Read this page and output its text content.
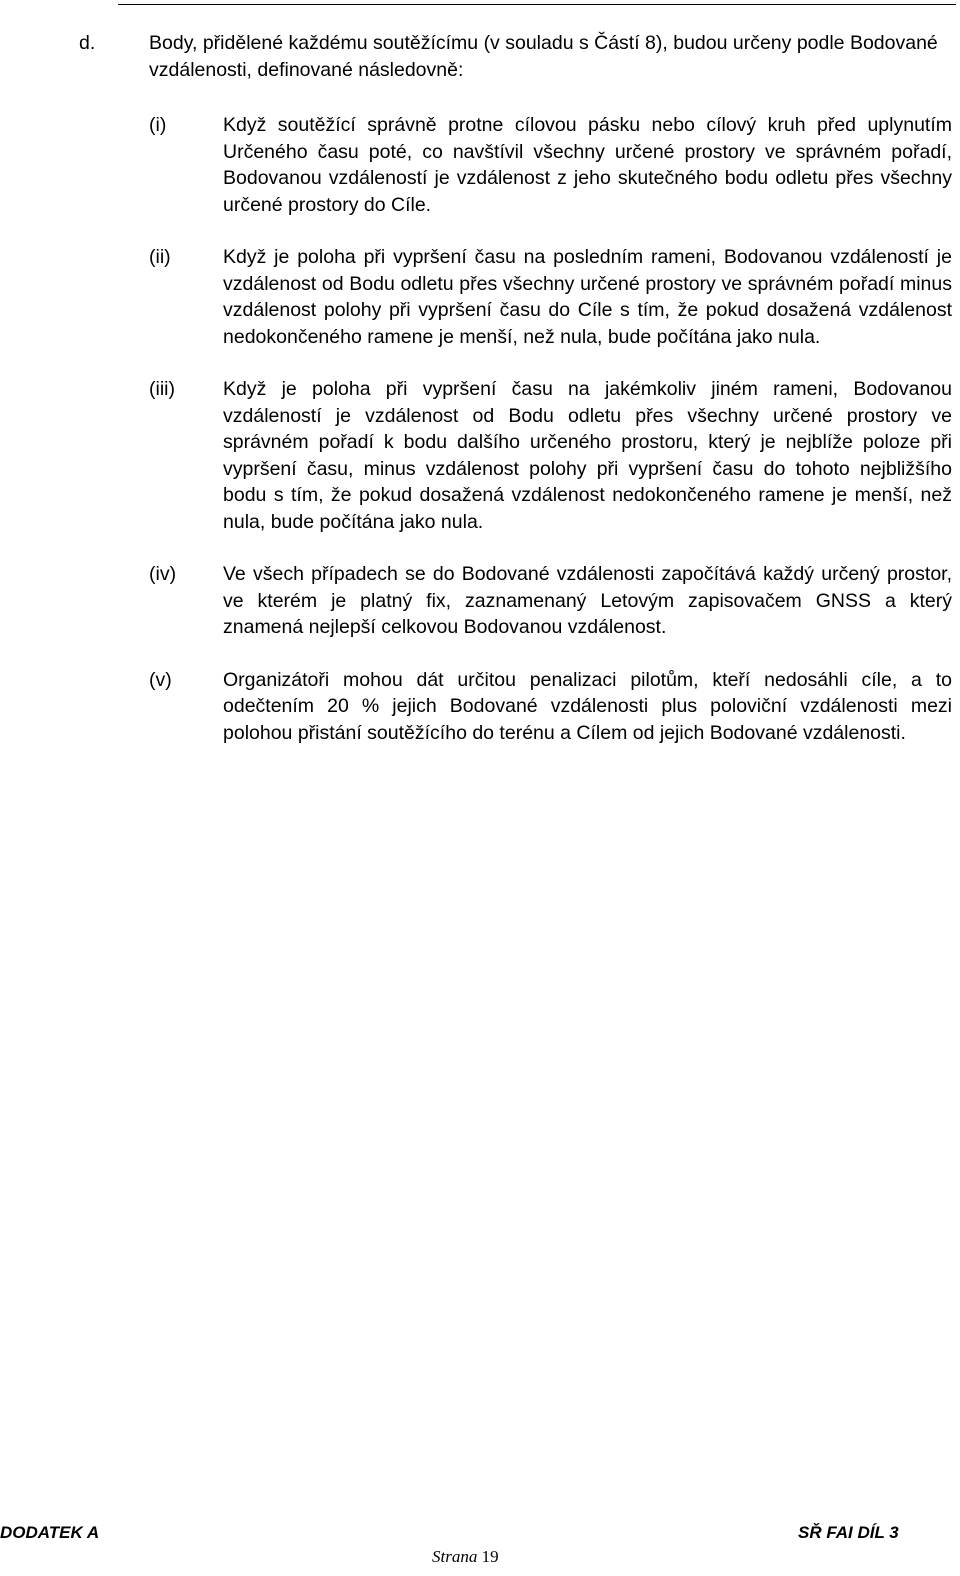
d.	Body, přidělené každému soutěžícímu (v souladu s Částí 8), budou určeny podle Bodované vzdálenosti, definované následovně:

(i)	Když soutěžící správně protne cílovou pásku nebo cílový kruh před uplynutím Určeného času poté, co navštívil všechny určené prostory ve správném pořadí, Bodovanou vzdáleností je vzdálenost z jeho skutečného bodu odletu přes všechny určené prostory do Cíle.

(ii)	Když je poloha při vypršení času na posledním rameni, Bodovanou vzdáleností je vzdálenost od Bodu odletu přes všechny určené prostory ve správném pořadí minus vzdálenost polohy při vypršení času do Cíle s tím, že pokud dosažená vzdálenost nedokončeného ramene je menší, než nula, bude počítána jako nula.

(iii) Když je poloha při vypršení času na jakémkoliv jiném rameni, Bodovanou vzdáleností je vzdálenost od Bodu odletu přes všechny určené prostory ve správném pořadí k bodu dalšího určeného prostoru, který je nejblíže poloze při vypršení času, minus vzdálenost polohy při vypršení času do tohoto nejbližšího bodu s tím, že pokud dosažená vzdálenost nedokončeného ramene je menší, než nula, bude počítána jako nula.

(iv) Ve všech případech se do Bodované vzdálenosti započítává každý určený prostor, ve kterém je platný fix, zaznamenaný Letovým zapisovačem GNSS a který znamená nejlepší celkovou Bodovanou vzdálenost.

(v)	Organizátoři mohou dát určitou penalizaci pilotům, kteří nedosáhli cíle, a to odečtením 20 % jejich Bodované vzdálenosti plus poloviční vzdálenosti mezi polohou přistání soutěžícího do terénu a Cílem od jejich Bodované vzdálenosti.

DODATEK A	SŘ FAI DÍL 3
Strana 19
